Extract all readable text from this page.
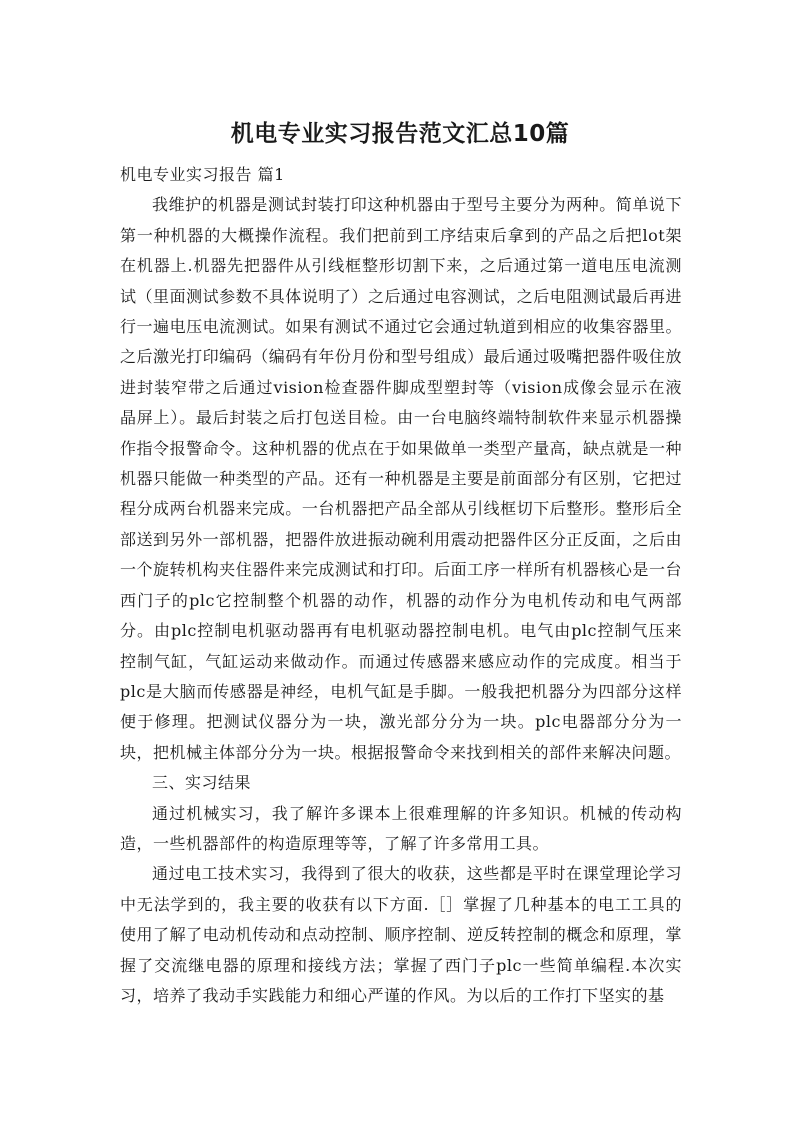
机电专业实习报告范文汇总10篇

机电专业实习报告 篇1

我维护的机器是测试封装打印这种机器由于型号主要分为两种。简单说下第一种机器的大概操作流程。我们把前到工序结束后拿到的产品之后把lot架在机器上.机器先把器件从引线框整形切割下来，之后通过第一道电压电流测试（里面测试参数不具体说明了）之后通过电容测试，之后电阻测试最后再进行一遍电压电流测试。如果有测试不通过它会通过轨道到相应的收集容器里。之后激光打印编码（编码有年份月份和型号组成）最后通过吸嘴把器件吸住放进封装窄带之后通过vision检查器件脚成型塑封等（vision成像会显示在液晶屏上）。最后封装之后打包送目检。由一台电脑终端特制软件来显示机器操作指令报警命令。这种机器的优点在于如果做单一类型产量高，缺点就是一种机器只能做一种类型的产品。还有一种机器是主要是前面部分有区别，它把过程分成两台机器来完成。一台机器把产品全部从引线框切下后整形。整形后全部送到另外一部机器，把器件放进振动碗利用震动把器件区分正反面，之后由一个旋转机构夹住器件来完成测试和打印。后面工序一样所有机器核心是一台西门子的plc它控制整个机器的动作，机器的动作分为电机传动和电气两部分。由plc控制电机驱动器再有电机驱动器控制电机。电气由plc控制气压来控制气缸，气缸运动来做动作。而通过传感器来感应动作的完成度。相当于plc是大脑而传感器是神经，电机气缸是手脚。一般我把机器分为四部分这样便于修理。把测试仪器分为一块，激光部分分为一块。plc电器部分分为一块，把机械主体部分分为一块。根据报警命令来找到相关的部件来解决问题。

三、实习结果

通过机械实习，我了解许多课本上很难理解的许多知识。机械的传动构造，一些机器部件的构造原理等等，了解了许多常用工具。

通过电工技术实习，我得到了很大的收获，这些都是平时在课堂理论学习中无法学到的，我主要的收获有以下方面.［］掌握了几种基本的电工工具的使用了解了电动机传动和点动控制、顺序控制、逆反转控制的概念和原理，掌握了交流继电器的原理和接线方法；掌握了西门子plc一些简单编程.本次实习，培养了我动手实践能力和细心严谨的作风。为以后的工作打下坚实的基
